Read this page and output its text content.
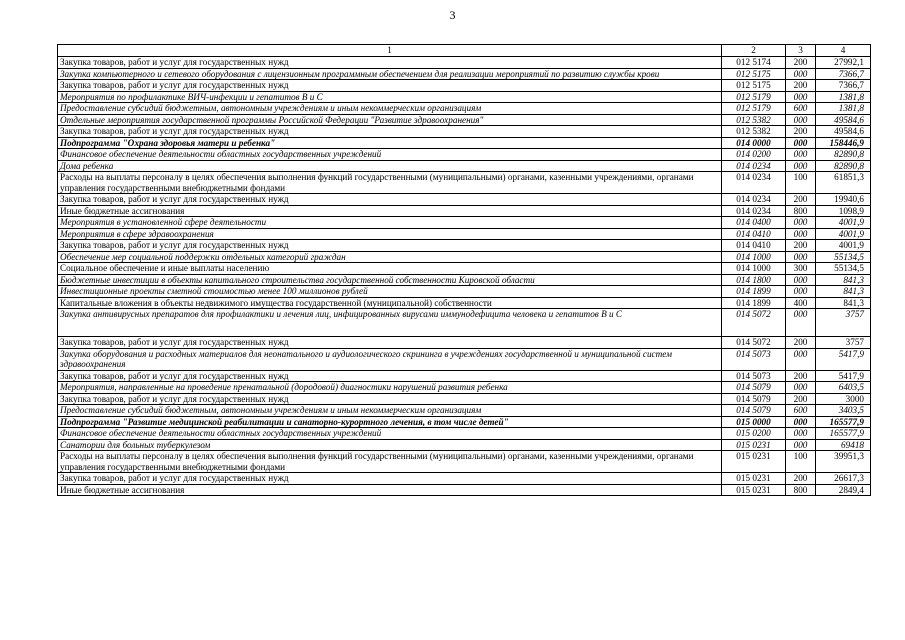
3
1	2	3	4
Закупка товаров, работ и услуг для государственных нужд	012 5174	200	27992,1
Закупка компьютерного и сетевого оборудования с лицензионным программным обеспечением для реализации мероприятий по развитию службы крови	012 5175	000	7366,7
Закупка товаров, работ и услуг для государственных нужд	012 5175	200	7366,7
Мероприятия по профилактике ВИЧ-инфекции и гепатитов В и С	012 5179	000	1381,8
Предоставление субсидий бюджетным, автономным учреждениям и иным некоммерческим организациям	012 5179	600	1381,8
Отдельные мероприятия государственной программы Российской Федерации "Развитие здравоохранения"	012 5382	000	49584,6
Закупка товаров, работ и услуг для государственных нужд	012 5382	200	49584,6
Подпрограмма "Охрана здоровья матери и ребенка"	014 0000	000	158446,9
Финансовое обеспечение деятельности областных государственных учреждений	014 0200	000	82890,8
Дома ребенка	014 0234	000	82890,8
Расходы на выплаты персоналу в целях обеспечения выполнения функций государственными (муниципальными) органами, казенными учреждениями, органами управления государственными внебюджетными фондами	014 0234	100	61851,3
Закупка товаров, работ и услуг для государственных нужд	014 0234	200	19940,6
Иные бюджетные ассигнования	014 0234	800	1098,9
Мероприятия в установленной сфере деятельности	014 0400	000	4001,9
Мероприятия в сфере здравоохранения	014 0410	000	4001,9
Закупка товаров, работ и услуг для государственных нужд	014 0410	200	4001,9
Обеспечение мер социальной поддержки отдельных категорий граждан	014 1000	000	55134,5
Социальное обеспечение и иные выплаты населению	014 1000	300	55134,5
Бюджетные инвестиции в объекты капитального строительства государственной собственности Кировской области	014 1800	000	841,3
Инвестиционные проекты сметной стоимостью менее 100 миллионов рублей	014 1899	000	841,3
Капитальные вложения в объекты недвижимого имущества государственной (муниципальной) собственности	014 1899	400	841,3
Закупка антивирусных препаратов для профилактики и лечения лиц, инфицированных вирусами иммунодефицита человека и гепатитов В и С	014 5072	000	3757
Закупка товаров, работ и услуг для государственных нужд	014 5072	200	3757
Закупка оборудования и расходных материалов для неонатального и аудиологического скрининга в учреждениях государственной и муниципальной систем здравоохранения	014 5073	000	5417,9
Закупка товаров, работ и услуг для государственных нужд	014 5073	200	5417,9
Мероприятия, направленные на проведение пренатальной (дородовой) диагностики нарушений развития ребенка	014 5079	000	6403,5
Закупка товаров, работ и услуг для государственных нужд	014 5079	200	3000
Предоставление субсидий бюджетным, автономным учреждениям и иным некоммерческим организациям	014 5079	600	3403,5
Подпрограмма "Развитие медицинской реабилитации и санаторно-курортного лечения, в том числе детей"	015 0000	000	165577,9
Финансовое обеспечение деятельности областных государственных учреждений	015 0200	000	165577,9
Санатории для больных туберкулезом	015 0231	000	69418
Расходы на выплаты персоналу в целях обеспечения выполнения функций государственными (муниципальными) органами, казенными учреждениями, органами управления государственными внебюджетными фондами	015 0231	100	39951,3
Закупка товаров, работ и услуг для государственных нужд	015 0231	200	26617,3
Иные бюджетные ассигнования	015 0231	800	2849,4
